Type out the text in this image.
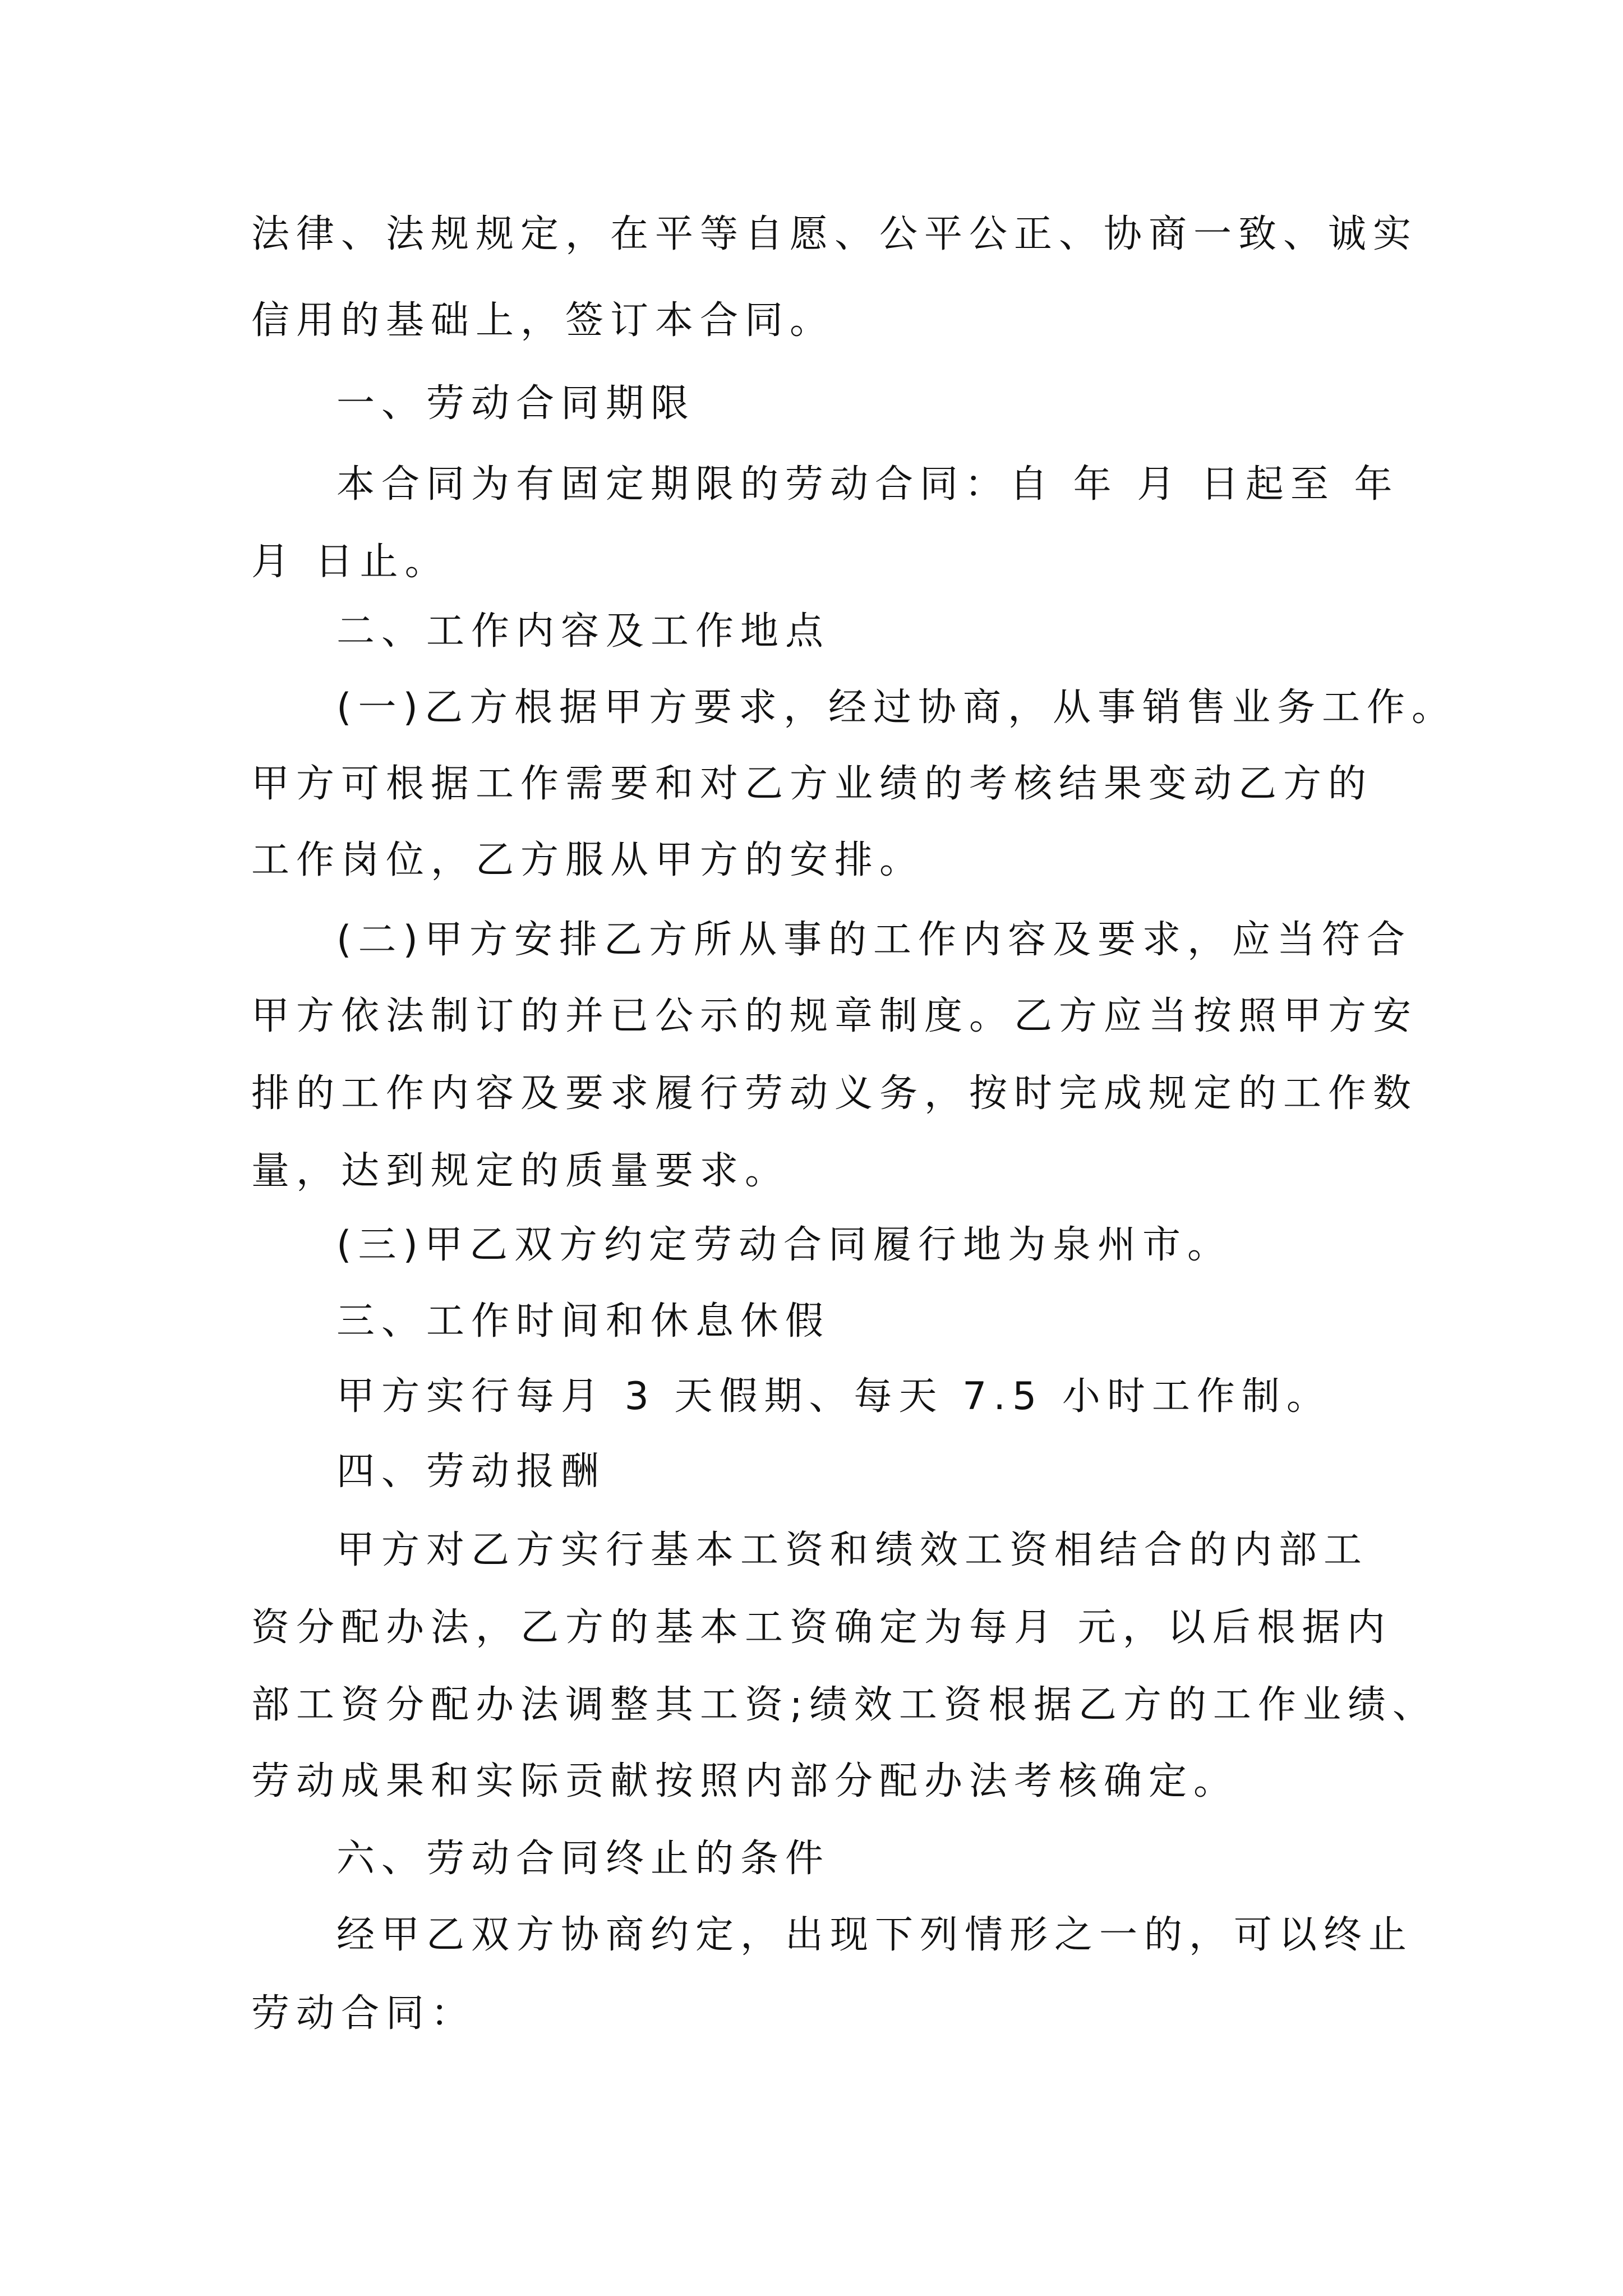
法律、法规规定，在平等自愿、公平公正、协商一致、诚实

信用的基础上，签订本合同。

一、劳动合同期限

本合同为有固定期限的劳动合同：自 年 月 日起至 年

月 日止。

二、工作内容及工作地点

(一)乙方根据甲方要求，经过协商，从事销售业务工作。

甲方可根据工作需要和对乙方业绩的考核结果变动乙方的

工作岗位，乙方服从甲方的安排。

(二)甲方安排乙方所从事的工作内容及要求，应当符合

甲方依法制订的并已公示的规章制度。乙方应当按照甲方安

排的工作内容及要求履行劳动义务，按时完成规定的工作数

量，达到规定的质量要求。

(三)甲乙双方约定劳动合同履行地为泉州市。

三、工作时间和休息休假

甲方实行每月 3 天假期、每天 7.5 小时工作制。

四、劳动报酬

甲方对乙方实行基本工资和绩效工资相结合的内部工

资分配办法，乙方的基本工资确定为每月 元，以后根据内

部工资分配办法调整其工资;绩效工资根据乙方的工作业绩、

劳动成果和实际贡献按照内部分配办法考核确定。

六、劳动合同终止的条件

经甲乙双方协商约定，出现下列情形之一的，可以终止

劳动合同：
